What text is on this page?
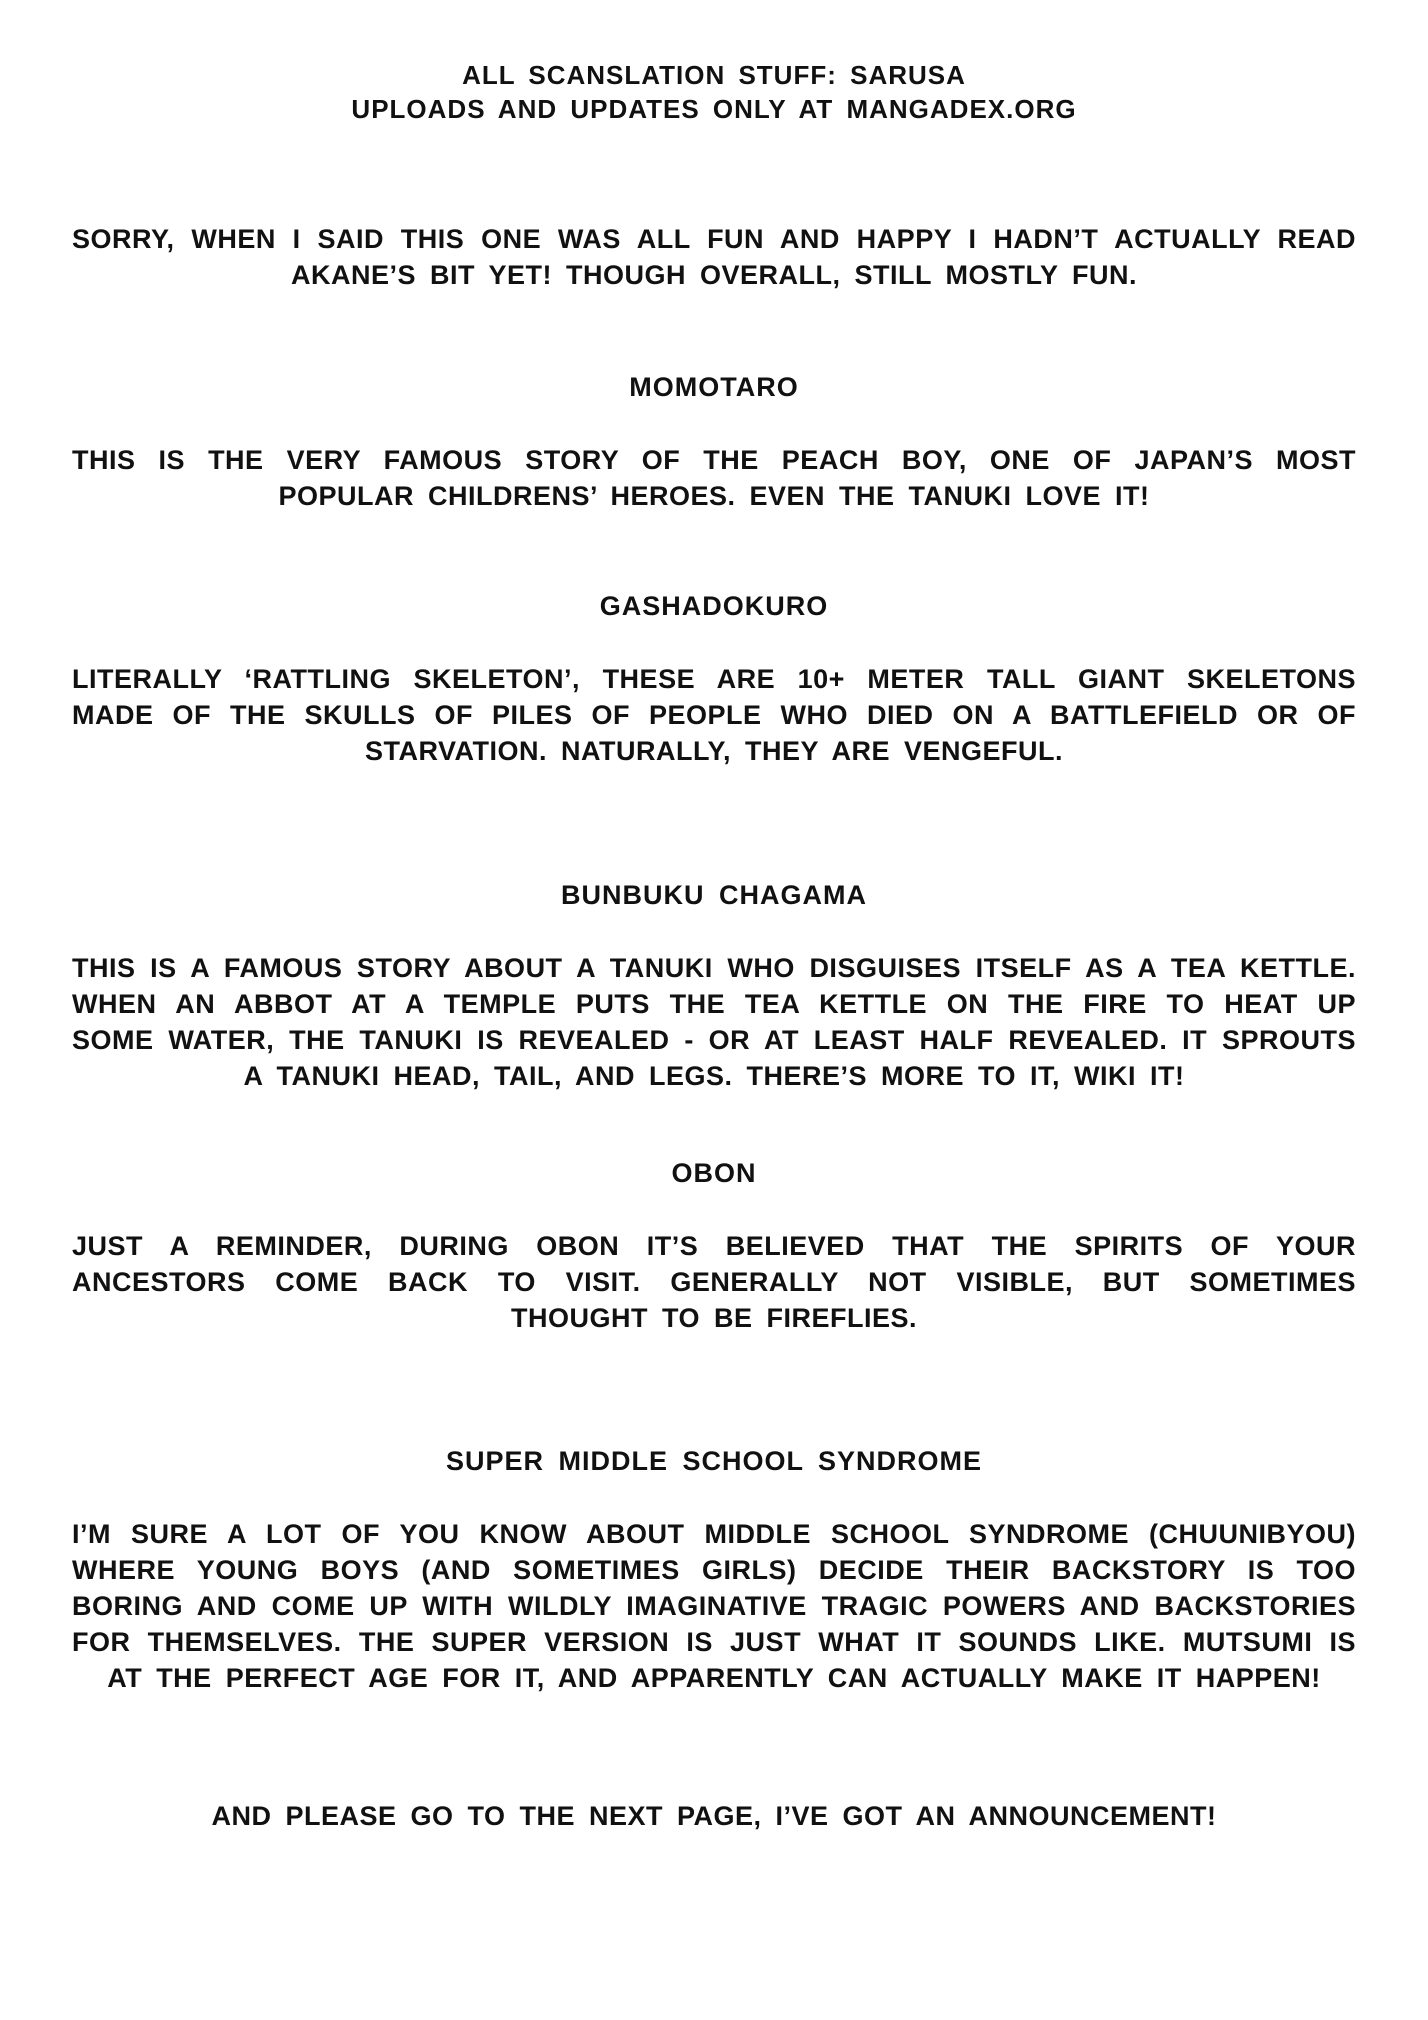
ALL SCANSLATION STUFF: SARUSA
UPLOADS AND UPDATES ONLY AT MANGADEX.ORG

SORRY, WHEN I SAID THIS ONE WAS ALL FUN AND HAPPY I HADN’T ACTUALLY READ AKANE’S BIT YET! THOUGH OVERALL, STILL MOSTLY FUN.

MOMOTARO

THIS IS THE VERY FAMOUS STORY OF THE PEACH BOY, ONE OF JAPAN’S MOST POPULAR CHILDRENS’ HEROES. EVEN THE TANUKI LOVE IT!

GASHADOKURO

LITERALLY ‘RATTLING SKELETON’, THESE ARE 10+ METER TALL GIANT SKELETONS MADE OF THE SKULLS OF PILES OF PEOPLE WHO DIED ON A BATTLEFIELD OR OF STARVATION. NATURALLY, THEY ARE VENGEFUL.

BUNBUKU CHAGAMA

THIS IS A FAMOUS STORY ABOUT A TANUKI WHO DISGUISES ITSELF AS A TEA KETTLE. WHEN AN ABBOT AT A TEMPLE PUTS THE TEA KETTLE ON THE FIRE TO HEAT UP SOME WATER, THE TANUKI IS REVEALED - OR AT LEAST HALF REVEALED. IT SPROUTS A TANUKI HEAD, TAIL, AND LEGS. THERE’S MORE TO IT, WIKI IT!

OBON

JUST A REMINDER, DURING OBON IT’S BELIEVED THAT THE SPIRITS OF YOUR ANCESTORS COME BACK TO VISIT. GENERALLY NOT VISIBLE, BUT SOMETIMES THOUGHT TO BE FIREFLIES.

SUPER MIDDLE SCHOOL SYNDROME

I’M SURE A LOT OF YOU KNOW ABOUT MIDDLE SCHOOL SYNDROME (CHUUNIBYOU) WHERE YOUNG BOYS (AND SOMETIMES GIRLS) DECIDE THEIR BACKSTORY IS TOO BORING AND COME UP WITH WILDLY IMAGINATIVE TRAGIC POWERS AND BACKSTORIES FOR THEMSELVES. THE SUPER VERSION IS JUST WHAT IT SOUNDS LIKE. MUTSUMI IS AT THE PERFECT AGE FOR IT, AND APPARENTLY CAN ACTUALLY MAKE IT HAPPEN!

AND PLEASE GO TO THE NEXT PAGE, I’VE GOT AN ANNOUNCEMENT!
